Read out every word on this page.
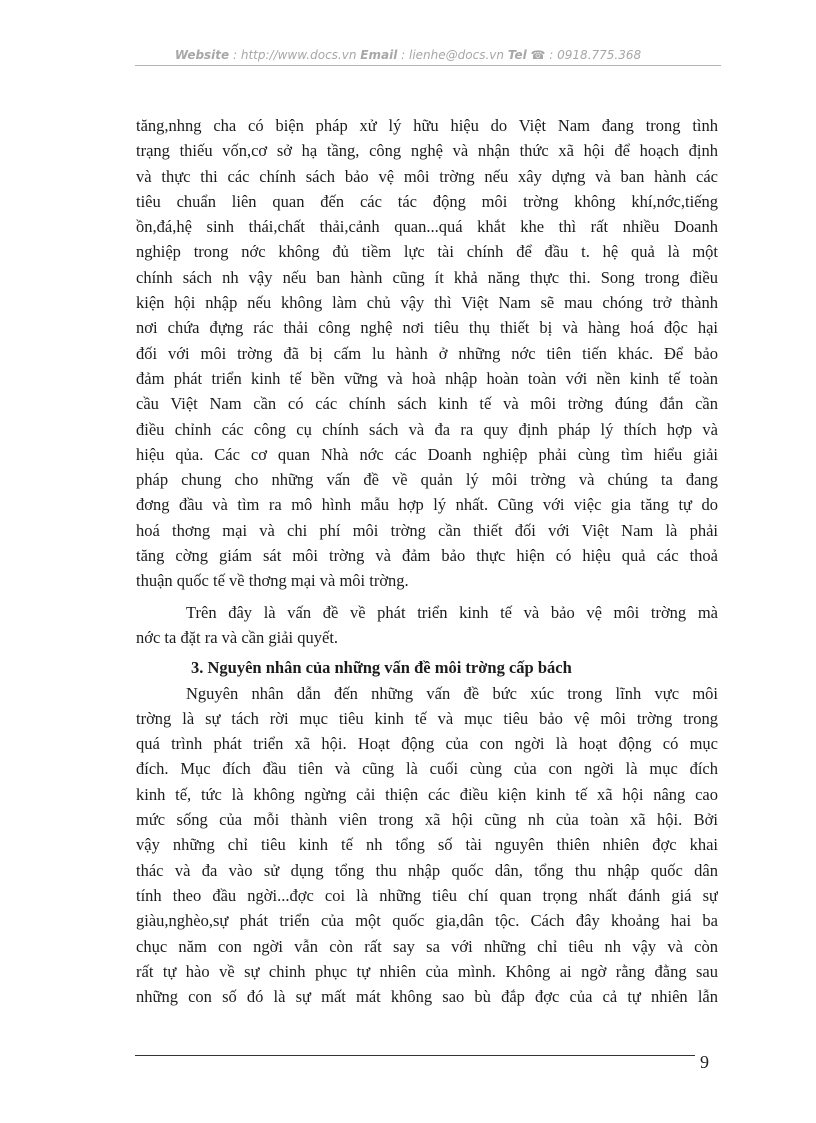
Website : http://www.docs.vn Email : lienhe@docs.vn Tel ☎ : 0918.775.368
tăng,nhng cha có biện pháp xử lý hữu hiệu do Việt Nam đang trong tình
trạng thiếu vốn,cơ sở hạ tầng, công nghệ và nhận thức xã hội để hoạch định
và thực thi các chính sách bảo vệ môi trờng nếu xây dựng và ban hành các
tiêu chuẩn liên quan đến các tác động môi trờng không khí,nớc,tiếng
ồn,đá,hệ sinh thái,chất thải,cảnh quan...quá khắt khe thì rất nhiều Doanh
nghiệp trong nớc không đủ tiềm lực tài chính để đầu t. hệ quả là một
chính sách nh vậy nếu ban hành cũng ít khả năng thực thi. Song trong điều
kiện hội nhập nếu không làm chủ vậy thì Việt Nam sẽ mau chóng trở thành
nơi chứa đựng rác thải công nghệ nơi tiêu thụ thiết bị và hàng hoá độc hại
đối với môi trờng đã bị cấm lu hành ở những nớc tiên tiến khác. Để bảo
đảm phát triển kinh tế bền vững và hoà nhập hoàn toàn với nền kinh tế toàn
cầu Việt Nam cần có các chính sách kinh tế và môi trờng đúng đắn cần
điều chỉnh các công cụ chính sách và đa ra quy định pháp lý thích hợp và
hiệu qủa. Các cơ quan Nhà nớc các Doanh nghiệp phải cùng tìm hiểu giải
pháp chung cho những vấn đề về quản lý môi trờng và chúng ta đang
đơng đầu và tìm ra mô hình mẫu hợp lý nhất. Cũng với việc gia tăng tự do
hoá thơng mại và chi phí môi trờng cần thiết đối với Việt Nam là phải
tăng cờng giám sát môi trờng và đảm bảo thực hiện có hiệu quả các thoả
thuận quốc tế về thơng mại và môi trờng.
Trên đây là vấn đề về phát triển kinh tế và bảo vệ môi trờng mà
nớc ta đặt ra và cần giải quyết.
3. Nguyên nhân của những vấn đề môi trờng cấp bách
Nguyên nhân dẫn đến những vấn đề bức xúc trong lĩnh vực môi
trờng là sự tách rời mục tiêu kinh tế và mục tiêu bảo vệ môi trờng trong
quá trình phát triển xã hội. Hoạt động của con ngời là hoạt động có mục
đích. Mục đích đầu tiên và cũng là cuối cùng của con ngời là mục đích
kinh tế, tức là không ngừng cải thiện các điều kiện kinh tế xã hội nâng cao
mức sống của mỗi thành viên trong xã hội cũng nh của toàn xã hội. Bởi
vậy những chỉ tiêu kinh tế nh tổng số tài nguyên thiên nhiên đợc khai
thác và đa vào sử dụng tổng thu nhập quốc dân, tổng thu nhập quốc dân
tính theo đầu ngời...đợc coi là những tiêu chí quan trọng nhất đánh giá sự
giàu,nghèo,sự phát triển của một quốc gia,dân tộc. Cách đây khoảng hai ba
chục năm con ngời vẫn còn rất say sa với những chỉ tiêu nh vậy và còn
rất tự hào về sự chinh phục tự nhiên của mình. Không ai ngờ rằng đằng sau
những con số đó là sự mất mát không sao bù đắp đợc của cả tự nhiên lẫn
9
